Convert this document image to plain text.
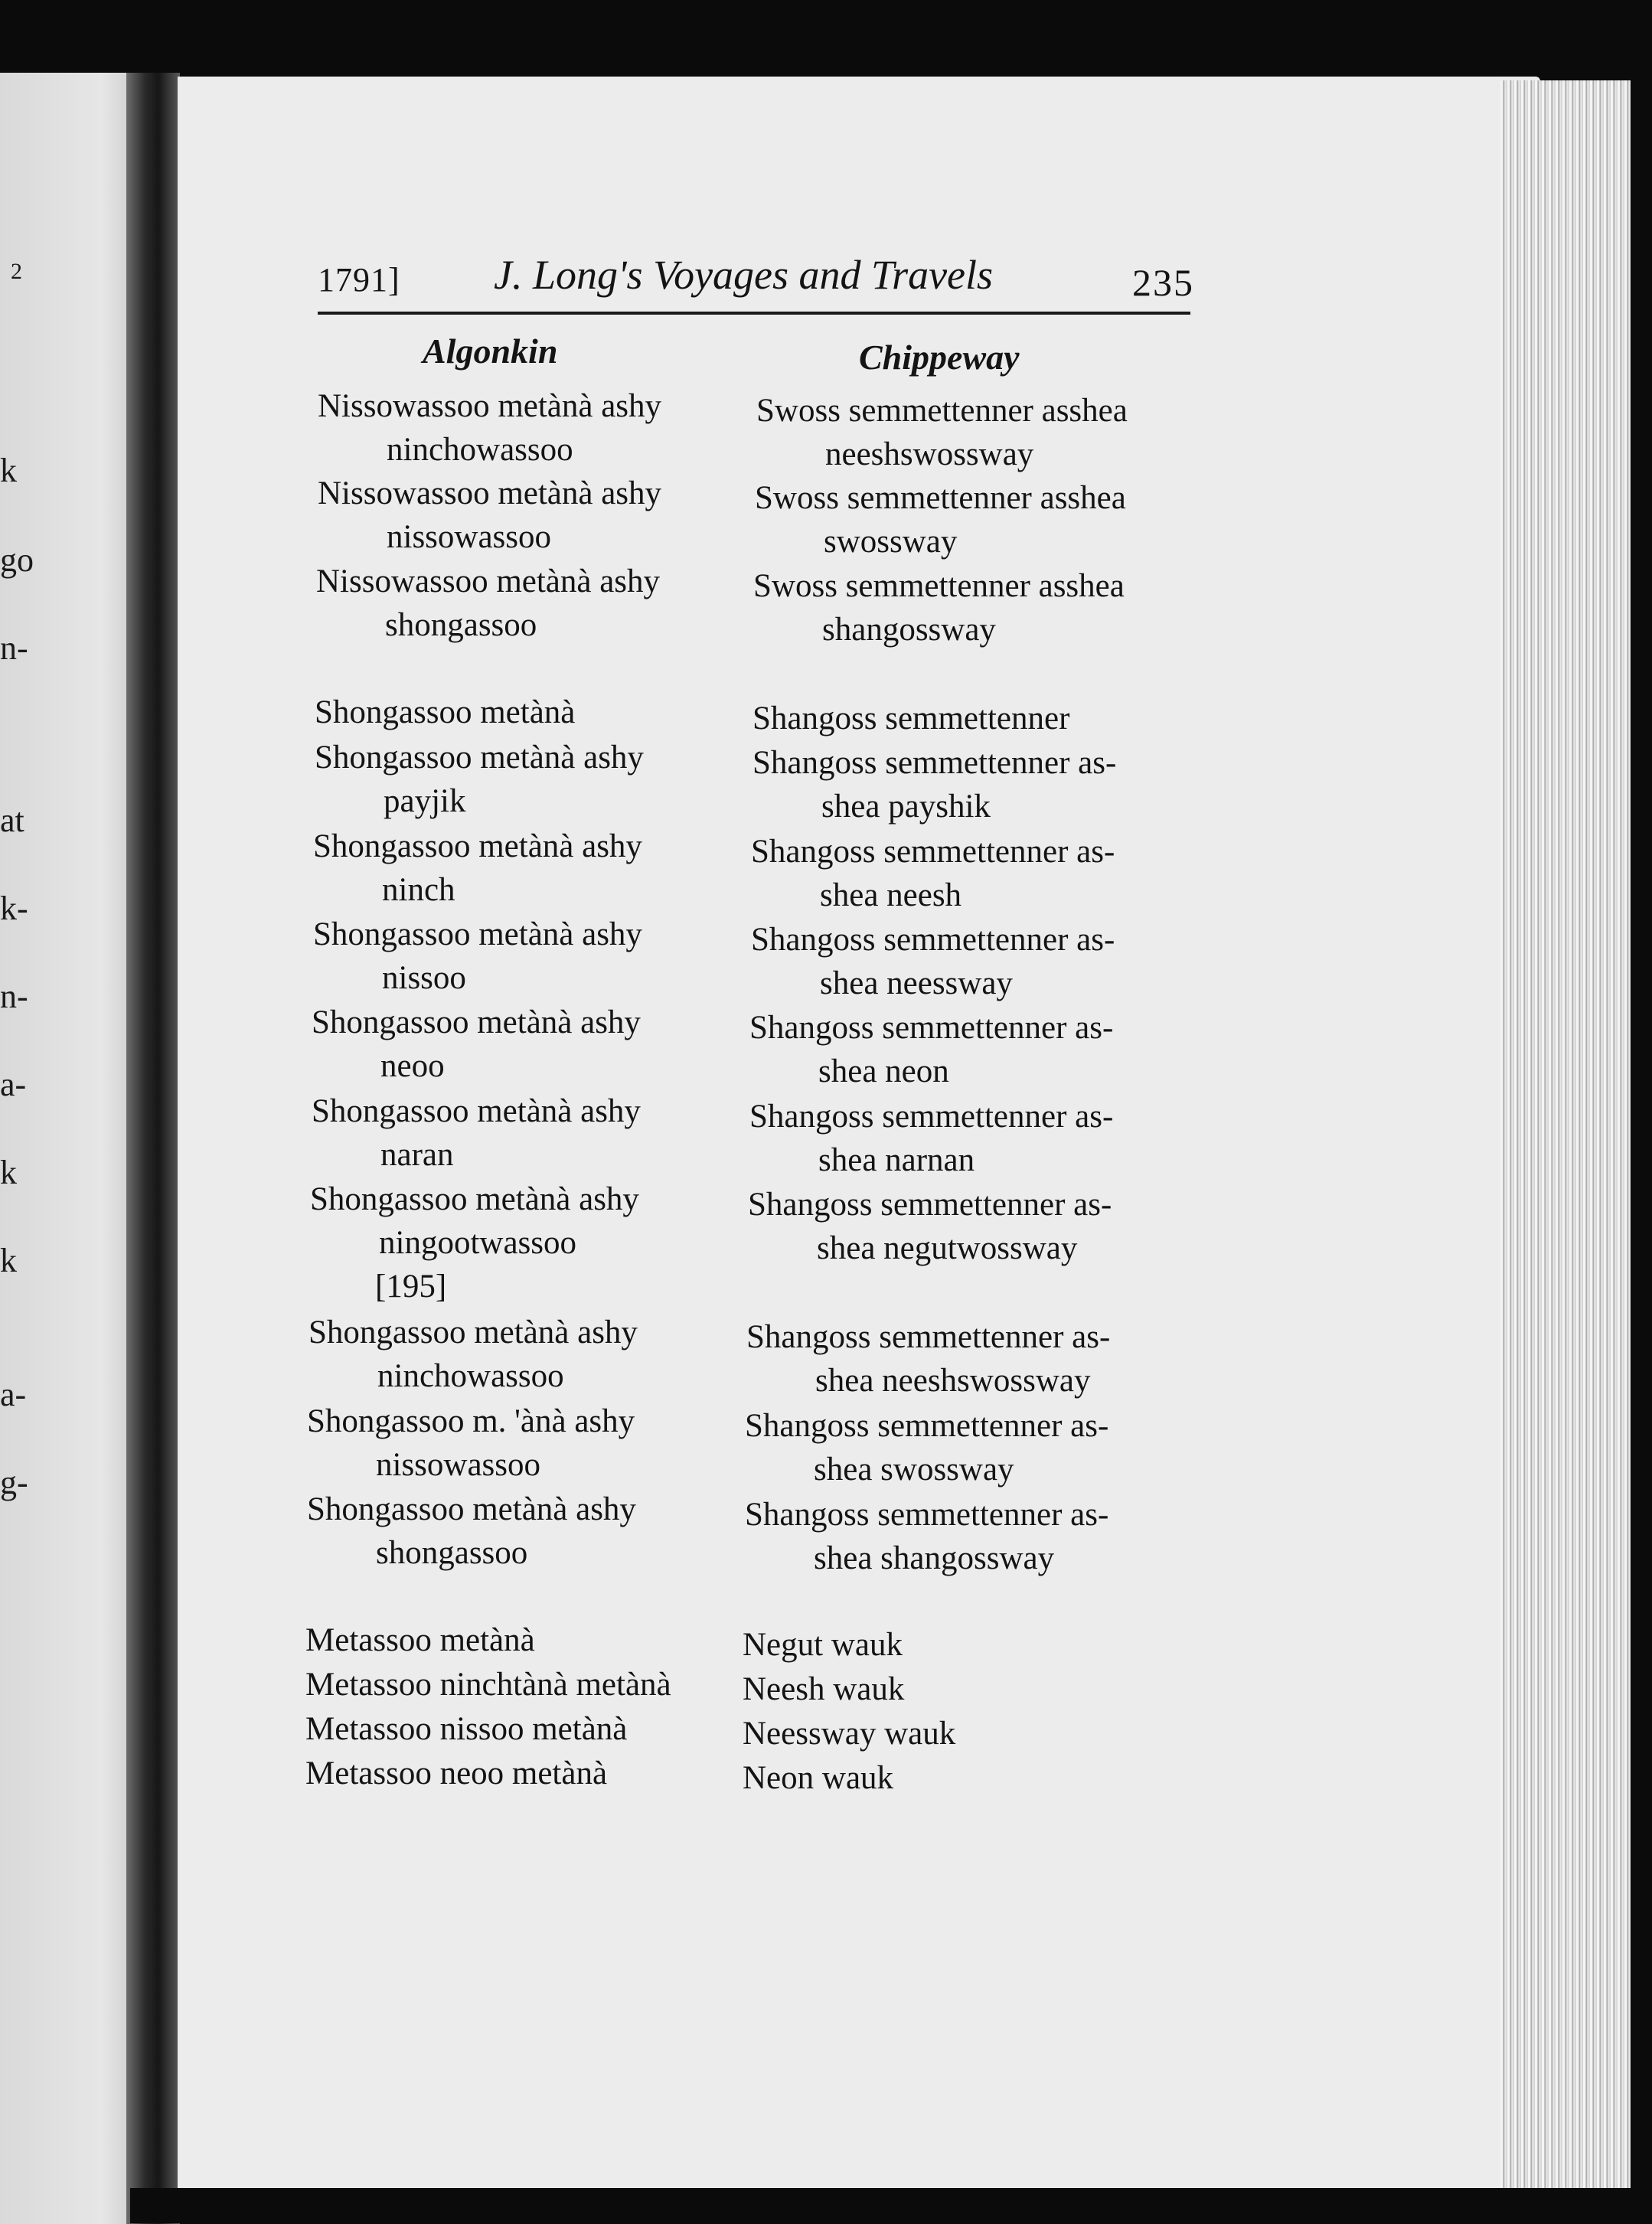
2
k
go
n-
at
k-
n-
a-
k
k
a-
g-
1791] J. Long's Voyages and Travels	235
Algonkin	Chippeway
Nissowassoo metànà ashy
ninchowassoo
Nissowassoo metànà ashy
nissowassoo
Nissowassoo metànà ashy
shongassoo
Shongassoo metànà
Shongassoo metànà ashy
payjik
Shongassoo metànà ashy
ninch
Shongassoo metànà ashy
nissoo
Shongassoo metànà ashy
neoo
Shongassoo metànà ashy
naran
Shongassoo metànà ashy
ningootwassoo
[195]
Shongassoo metànà ashy
ninchowassoo
Shongassoo m. 'ànà ashy
nissowassoo
Shongassoo metànà ashy
shongassoo
Metassoo metànà
Metassoo ninchtànà metànà
Metassoo nissoo metànà
Metassoo neoo metànà
Swoss semmettenner asshea
neeshswossway
Swoss semmettenner asshea
swossway
Swoss semmettenner asshea
shangossway
Shangoss semmettenner
Shangoss semmettenner as-
shea payshik
Shangoss semmettenner as-
shea neesh
Shangoss semmettenner as-
shea neessway
Shangoss semmettenner as-
shea neon
Shangoss semmettenner as-
shea narnan
Shangoss semmettenner as-
shea negutwossway
Shangoss semmettenner as-
shea neeshswossway
Shangoss semmettenner as-
shea swossway
Shangoss semmettenner as-
shea shangossway
Negut wauk
Neesh wauk
Neessway wauk
Neon wauk
